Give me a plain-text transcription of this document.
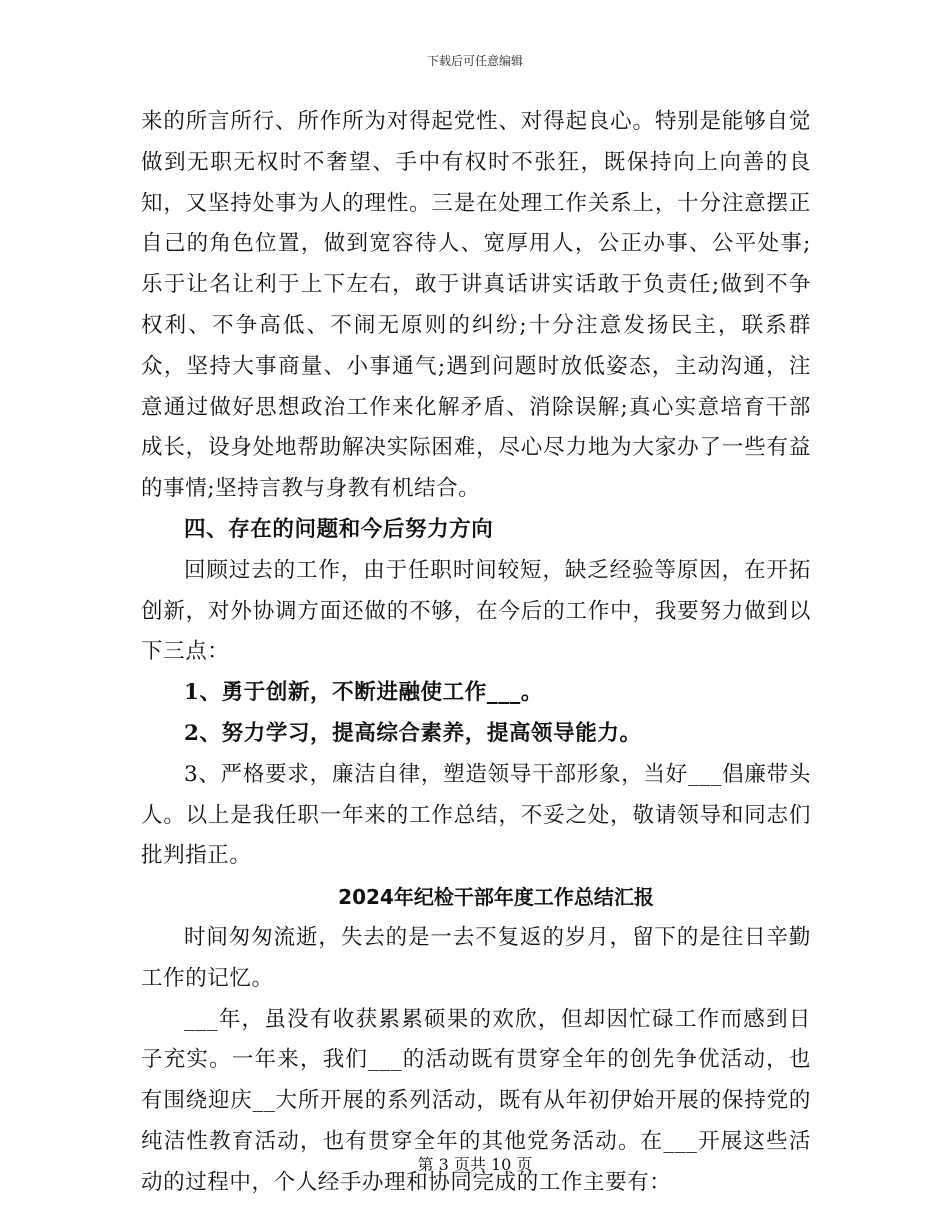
下载后可任意编辑

来的所言所行、所作所为对得起党性、对得起良心。特别是能够自觉做到无职无权时不奢望、手中有权时不张狂，既保持向上向善的良知，又坚持处事为人的理性。三是在处理工作关系上，十分注意摆正自己的角色位置，做到宽容待人、宽厚用人，公正办事、公平处事;乐于让名让利于上下左右，敢于讲真话讲实话敢于负责任;做到不争权利、不争高低、不闹无原则的纠纷;十分注意发扬民主，联系群众，坚持大事商量、小事通气;遇到问题时放低姿态，主动沟通，注意通过做好思想政治工作来化解矛盾、消除误解;真心实意培育干部成长，设身处地帮助解决实际困难，尽心尽力地为大家办了一些有益的事情;坚持言教与身教有机结合。

四、存在的问题和今后努力方向

回顾过去的工作，由于任职时间较短，缺乏经验等原因，在开拓创新，对外协调方面还做的不够，在今后的工作中，我要努力做到以下三点：

1、勇于创新，不断进融使工作___。

2、努力学习，提高综合素养，提高领导能力。

3、严格要求，廉洁自律，塑造领导干部形象，当好___倡廉带头人。以上是我任职一年来的工作总结，不妥之处，敬请领导和同志们批判指正。

2024年纪检干部年度工作总结汇报

时间匆匆流逝，失去的是一去不复返的岁月，留下的是往日辛勤工作的记忆。

___年，虽没有收获累累硕果的欢欣，但却因忙碌工作而感到日子充实。一年来，我们___的活动既有贯穿全年的创先争优活动，也有围绕迎庆__大所开展的系列活动，既有从年初伊始开展的保持党的纯洁性教育活动，也有贯穿全年的其他党务活动。在___开展这些活动的过程中，个人经手办理和协同完成的工作主要有：

第 3 页共 10 页
